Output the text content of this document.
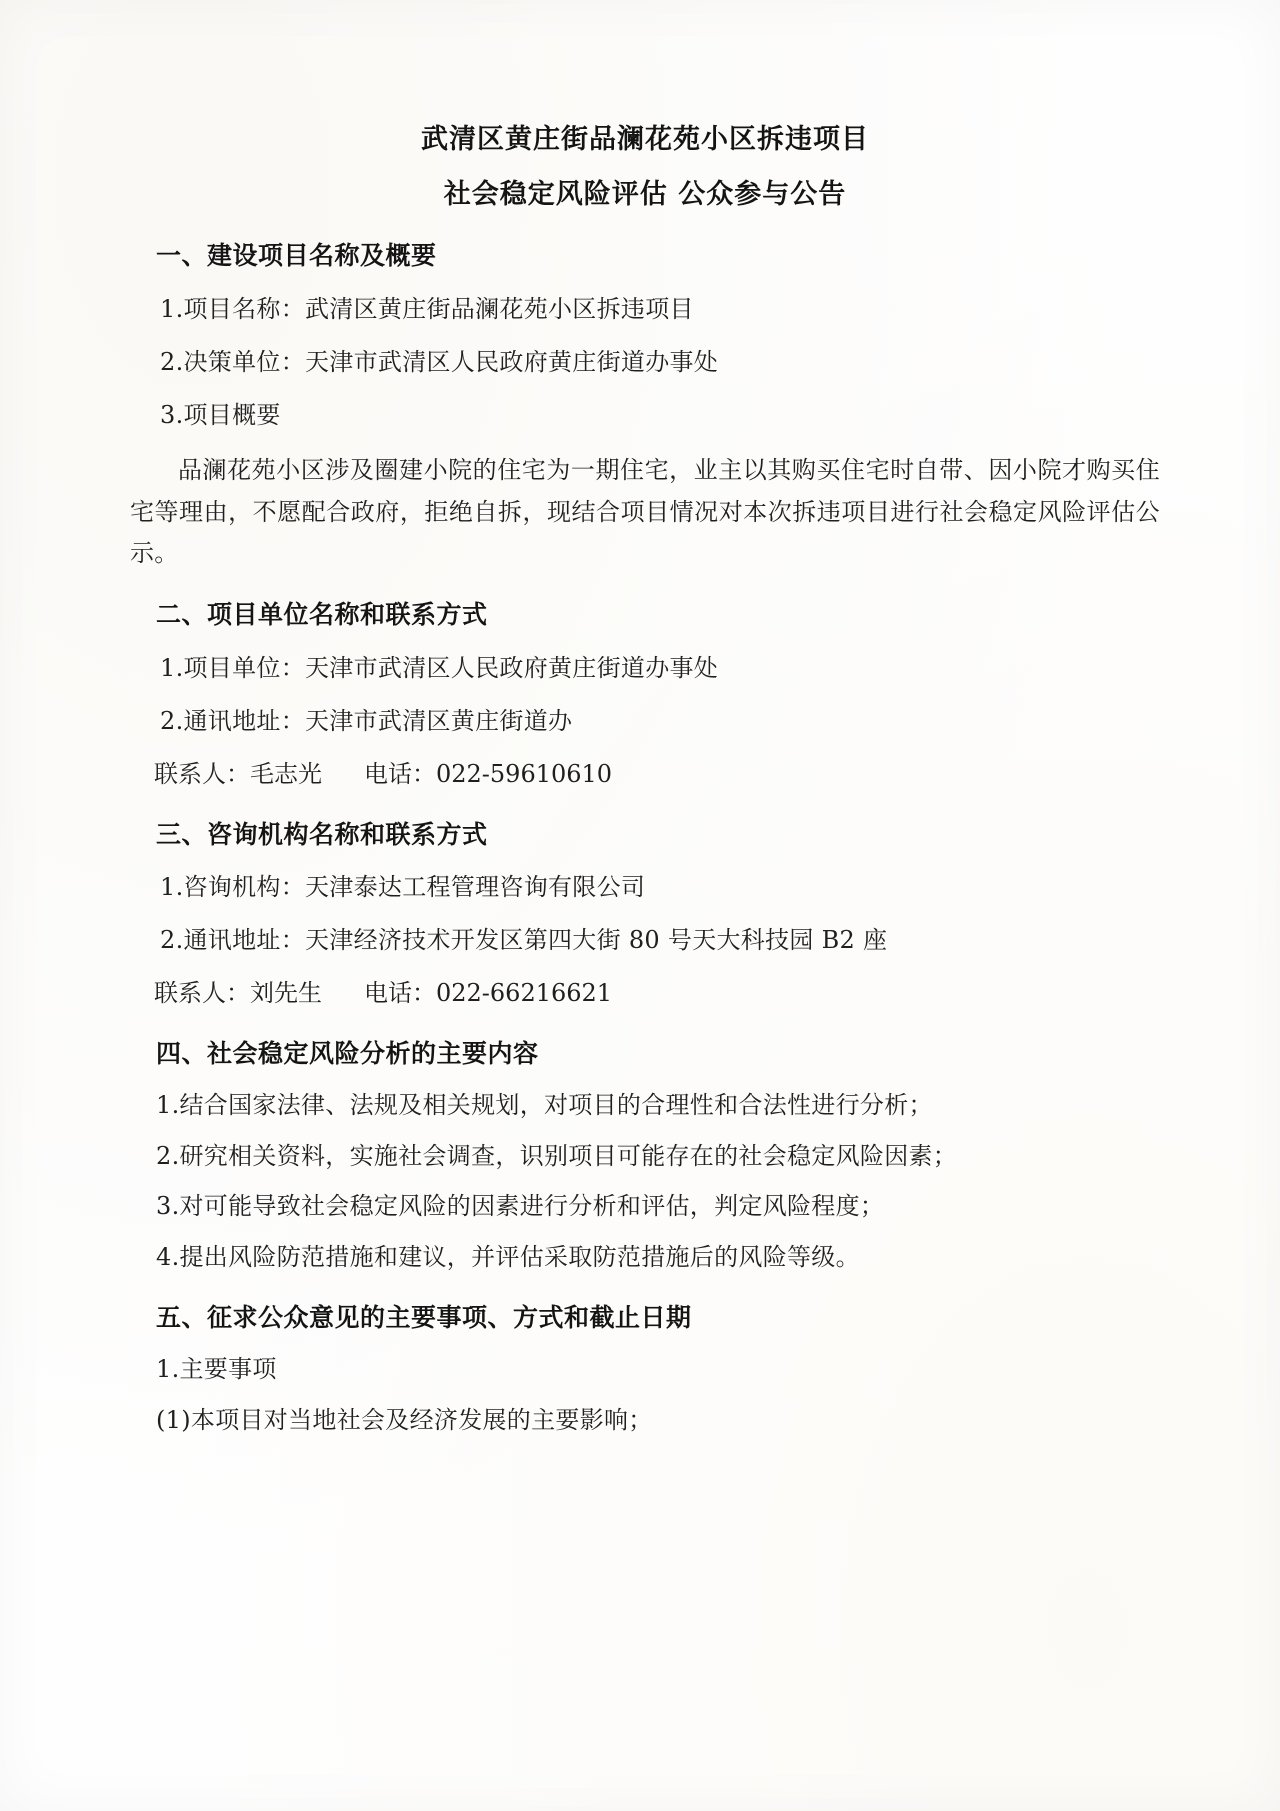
武清区黄庄街品澜花苑小区拆违项目
社会稳定风险评估 公众参与公告
一、建设项目名称及概要

1.项目名称：武清区黄庄街品澜花苑小区拆违项目

2.决策单位：天津市武清区人民政府黄庄街道办事处

3.项目概要

品澜花苑小区涉及圈建小院的住宅为一期住宅，业主以其购买住宅时自带、因小院才购买住宅等理由，不愿配合政府，拒绝自拆，现结合项目情况对本次拆违项目进行社会稳定风险评估公示。

二、项目单位名称和联系方式

1.项目单位：天津市武清区人民政府黄庄街道办事处

2.通讯地址：天津市武清区黄庄街道办

联系人：毛志光	电话：022-59610610
三、咨询机构名称和联系方式

1.咨询机构：天津泰达工程管理咨询有限公司

2.通讯地址：天津经济技术开发区第四大街 80 号天大科技园 B2 座

联系人：刘先生	电话：022-66216621
四、社会稳定风险分析的主要内容

1.结合国家法律、法规及相关规划，对项目的合理性和合法性进行分析；

2.研究相关资料，实施社会调查，识别项目可能存在的社会稳定风险因素；

3.对可能导致社会稳定风险的因素进行分析和评估，判定风险程度；

4.提出风险防范措施和建议，并评估采取防范措施后的风险等级。

五、征求公众意见的主要事项、方式和截止日期

1.主要事项

(1)本项目对当地社会及经济发展的主要影响；
